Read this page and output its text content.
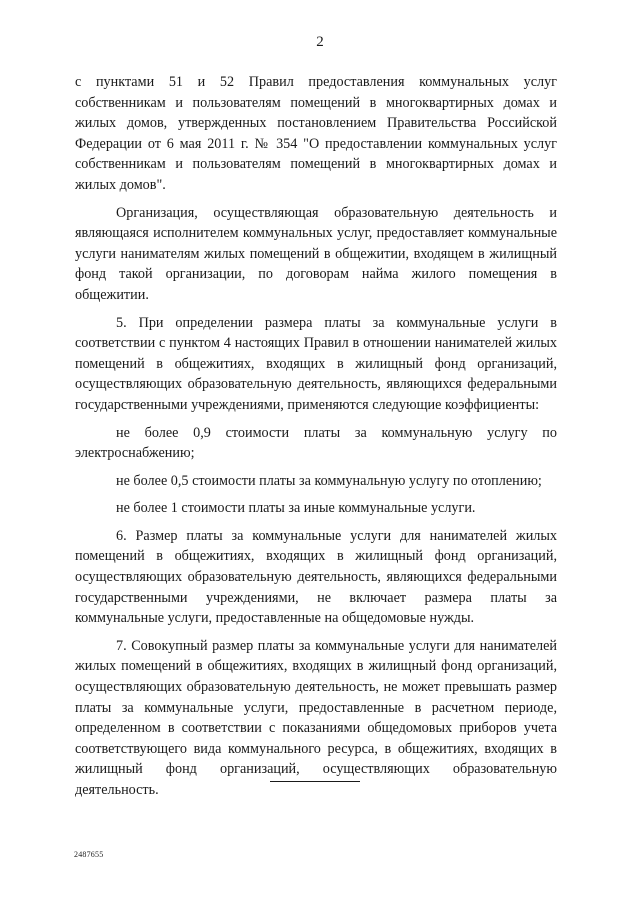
2

с пунктами 51 и 52 Правил предоставления коммунальных услуг собственникам и пользователям помещений в многоквартирных домах и жилых домов, утвержденных постановлением Правительства Российской Федерации от 6 мая 2011 г. № 354 "О предоставлении коммунальных услуг собственникам и пользователям помещений в многоквартирных домах и жилых домов".

Организация, осуществляющая образовательную деятельность и являющаяся исполнителем коммунальных услуг, предоставляет коммунальные услуги нанимателям жилых помещений в общежитии, входящем в жилищный фонд такой организации, по договорам найма жилого помещения в общежитии.

5. При определении размера платы за коммунальные услуги в соответствии с пунктом 4 настоящих Правил в отношении нанимателей жилых помещений в общежитиях, входящих в жилищный фонд организаций, осуществляющих образовательную деятельность, являющихся федеральными государственными учреждениями, применяются следующие коэффициенты:

не более 0,9 стоимости платы за коммунальную услугу по электроснабжению;

не более 0,5 стоимости платы за коммунальную услугу по отоплению;

не более 1 стоимости платы за иные коммунальные услуги.

6. Размер платы за коммунальные услуги для нанимателей жилых помещений в общежитиях, входящих в жилищный фонд организаций, осуществляющих образовательную деятельность, являющихся федеральными государственными учреждениями, не включает размера платы за коммунальные услуги, предоставленные на общедомовые нужды.

7. Совокупный размер платы за коммунальные услуги для нанимателей жилых помещений в общежитиях, входящих в жилищный фонд организаций, осуществляющих образовательную деятельность, не может превышать размер платы за коммунальные услуги, предоставленные в расчетном периоде, определенном в соответствии с показаниями общедомовых приборов учета соответствующего вида коммунального ресурса, в общежитиях, входящих в жилищный фонд организаций, осуществляющих образовательную деятельность.

2487655
